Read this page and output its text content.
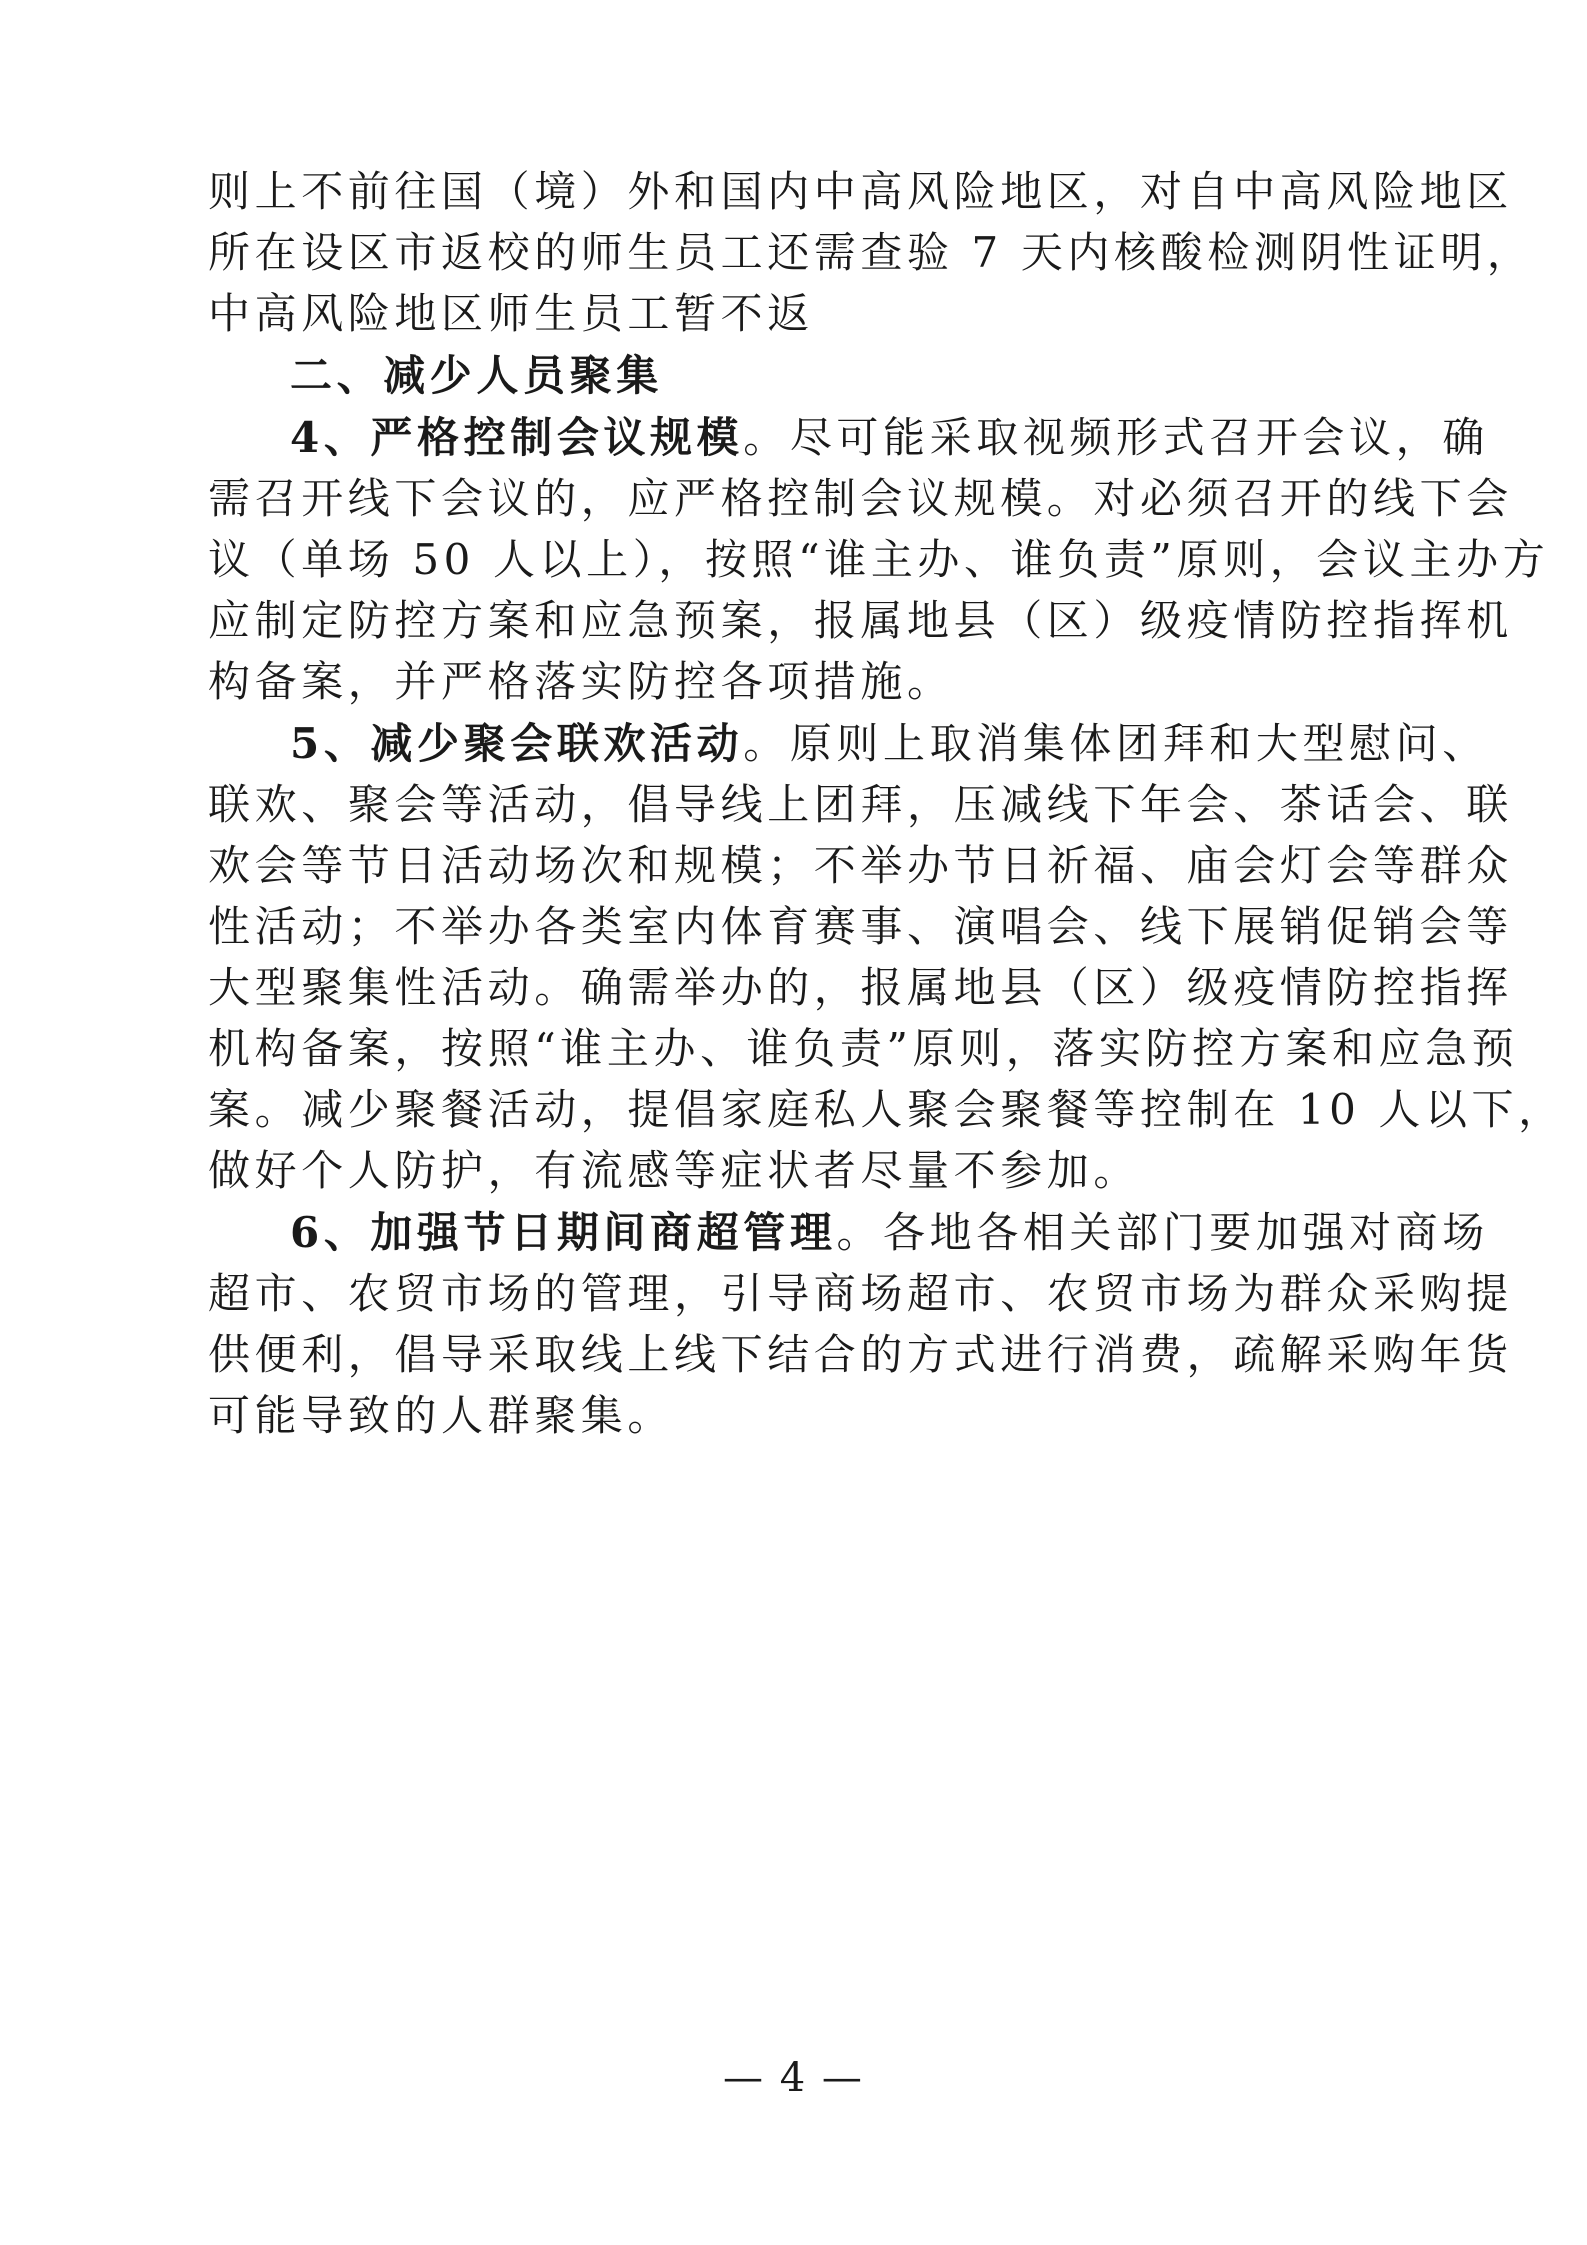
则上不前往国（境）外和国内中高风险地区，对自中高风险地区
所在设区市返校的师生员工还需查验 7 天内核酸检测阴性证明，
中高风险地区师生员工暂不返
二、减少人员聚集
4、严格控制会议规模。尽可能采取视频形式召开会议，确
需召开线下会议的，应严格控制会议规模。对必须召开的线下会
议（单场 50 人以上），按照“谁主办、谁负责”原则，会议主办方
应制定防控方案和应急预案，报属地县（区）级疫情防控指挥机
构备案，并严格落实防控各项措施。
5、减少聚会联欢活动。原则上取消集体团拜和大型慰问、
联欢、聚会等活动，倡导线上团拜，压减线下年会、茶话会、联
欢会等节日活动场次和规模；不举办节日祈福、庙会灯会等群众
性活动；不举办各类室内体育赛事、演唱会、线下展销促销会等
大型聚集性活动。确需举办的，报属地县（区）级疫情防控指挥
机构备案，按照“谁主办、谁负责”原则，落实防控方案和应急预
案。减少聚餐活动，提倡家庭私人聚会聚餐等控制在 10 人以下，
做好个人防护，有流感等症状者尽量不参加。
6、加强节日期间商超管理。各地各相关部门要加强对商场
超市、农贸市场的管理，引导商场超市、农贸市场为群众采购提
供便利，倡导采取线上线下结合的方式进行消费，疏解采购年货
可能导致的人群聚集。
— 4 —
